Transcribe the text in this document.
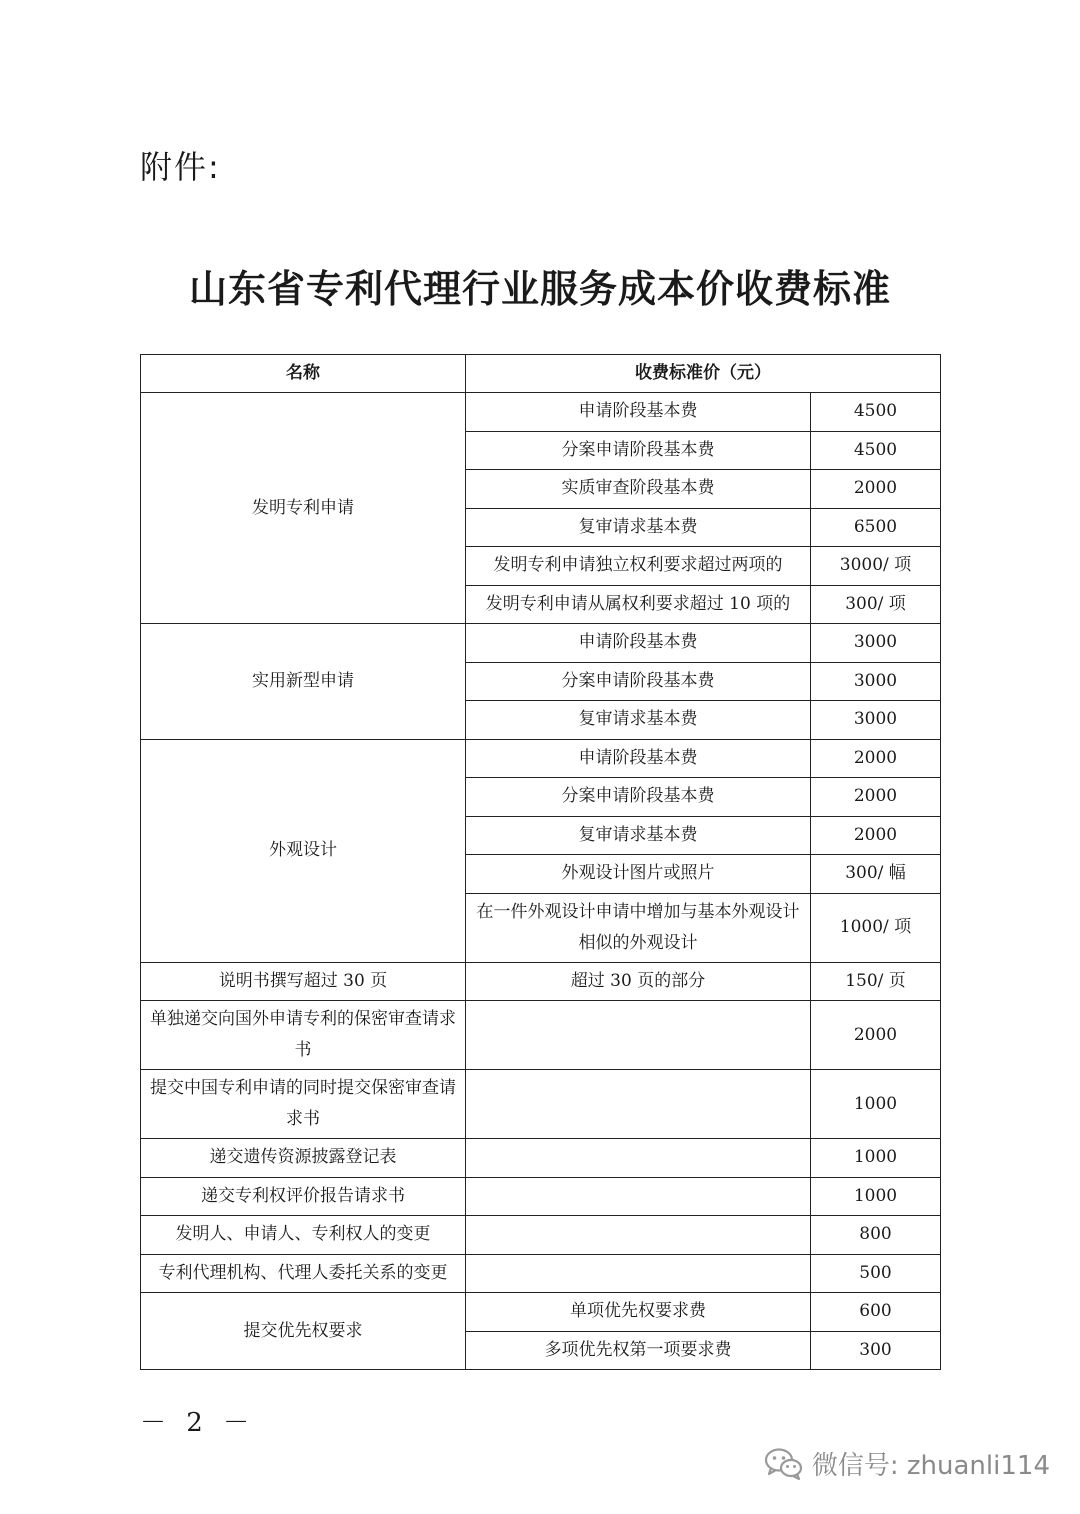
附件:
山东省专利代理行业服务成本价收费标准
名称	收费标准价（元）	
发明专利申请	申请阶段基本费	4500
	分案申请阶段基本费	4500
	实质审查阶段基本费	2000
	复审请求基本费	6500
	发明专利申请独立权利要求超过两项的	3000/ 项
	发明专利申请从属权利要求超过 10 项的	300/ 项
实用新型申请	申请阶段基本费	3000
	分案申请阶段基本费	3000
	复审请求基本费	3000
外观设计	申请阶段基本费	2000
	分案申请阶段基本费	2000
	复审请求基本费	2000
	外观设计图片或照片	300/ 幅
	在一件外观设计申请中增加与基本外观设计相似的外观设计	1000/ 项
说明书撰写超过 30 页	超过 30 页的部分	150/ 页
单独递交向国外申请专利的保密审查请求书		2000
提交中国专利申请的同时提交保密审查请求书		1000
递交遗传资源披露登记表		1000
递交专利权评价报告请求书		1000
发明人、申请人、专利权人的变更		800
专利代理机构、代理人委托关系的变更		500
提交优先权要求	单项优先权要求费	600
	多项优先权第一项要求费	300
－ 2 －
微信号: zhuanli114
